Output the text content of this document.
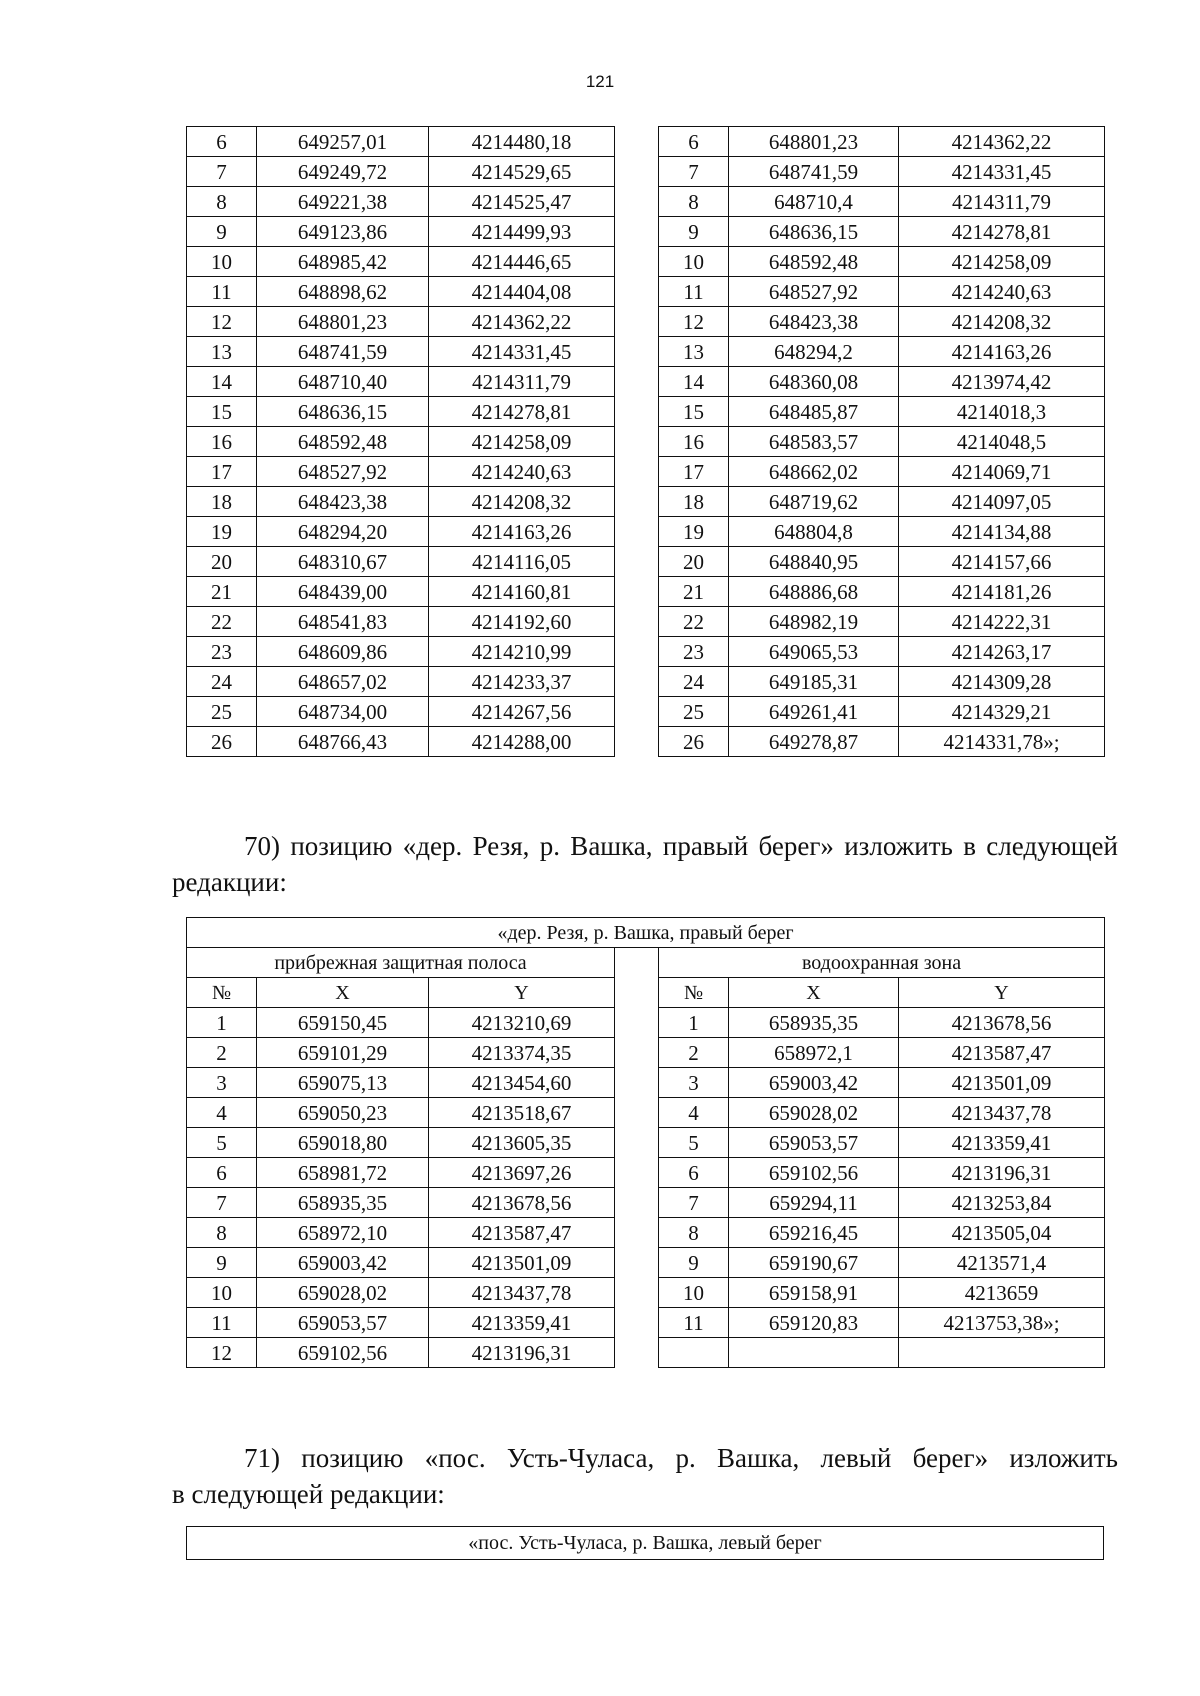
121
6	649257,01	4214480,18		6	648801,23	4214362,22
7	649249,72	4214529,65		7	648741,59	4214331,45
8	649221,38	4214525,47		8	648710,4	4214311,79
9	649123,86	4214499,93		9	648636,15	4214278,81
10	648985,42	4214446,65		10	648592,48	4214258,09
11	648898,62	4214404,08		11	648527,92	4214240,63
12	648801,23	4214362,22		12	648423,38	4214208,32
13	648741,59	4214331,45		13	648294,2	4214163,26
14	648710,40	4214311,79		14	648360,08	4213974,42
15	648636,15	4214278,81		15	648485,87	4214018,3
16	648592,48	4214258,09		16	648583,57	4214048,5
17	648527,92	4214240,63		17	648662,02	4214069,71
18	648423,38	4214208,32		18	648719,62	4214097,05
19	648294,20	4214163,26		19	648804,8	4214134,88
20	648310,67	4214116,05		20	648840,95	4214157,66
21	648439,00	4214160,81		21	648886,68	4214181,26
22	648541,83	4214192,60		22	648982,19	4214222,31
23	648609,86	4214210,99		23	649065,53	4214263,17
24	648657,02	4214233,37		24	649185,31	4214309,28
25	648734,00	4214267,56		25	649261,41	4214329,21
26	648766,43	4214288,00		26	649278,87	4214331,78»;
70) позицию «дер. Резя, р. Вашка, правый берег» изложить в следующей редакции:
«дер. Резя, р. Вашка, правый берег						
прибрежная защитная полоса				водоохранная зона		
№	X	Y		№	X	Y
1	659150,45	4213210,69		1	658935,35	4213678,56
2	659101,29	4213374,35		2	658972,1	4213587,47
3	659075,13	4213454,60		3	659003,42	4213501,09
4	659050,23	4213518,67		4	659028,02	4213437,78
5	659018,80	4213605,35		5	659053,57	4213359,41
6	658981,72	4213697,26		6	659102,56	4213196,31
7	658935,35	4213678,56		7	659294,11	4213253,84
8	658972,10	4213587,47		8	659216,45	4213505,04
9	659003,42	4213501,09		9	659190,67	4213571,4
10	659028,02	4213437,78		10	659158,91	4213659
11	659053,57	4213359,41		11	659120,83	4213753,38»;
12	659102,56	4213196,31				
71) позицию «пос. Усть-Чуласа, р. Вашка, левый берег» изложить
в следующей редакции:
«пос. Усть-Чуласа, р. Вашка, левый берег
